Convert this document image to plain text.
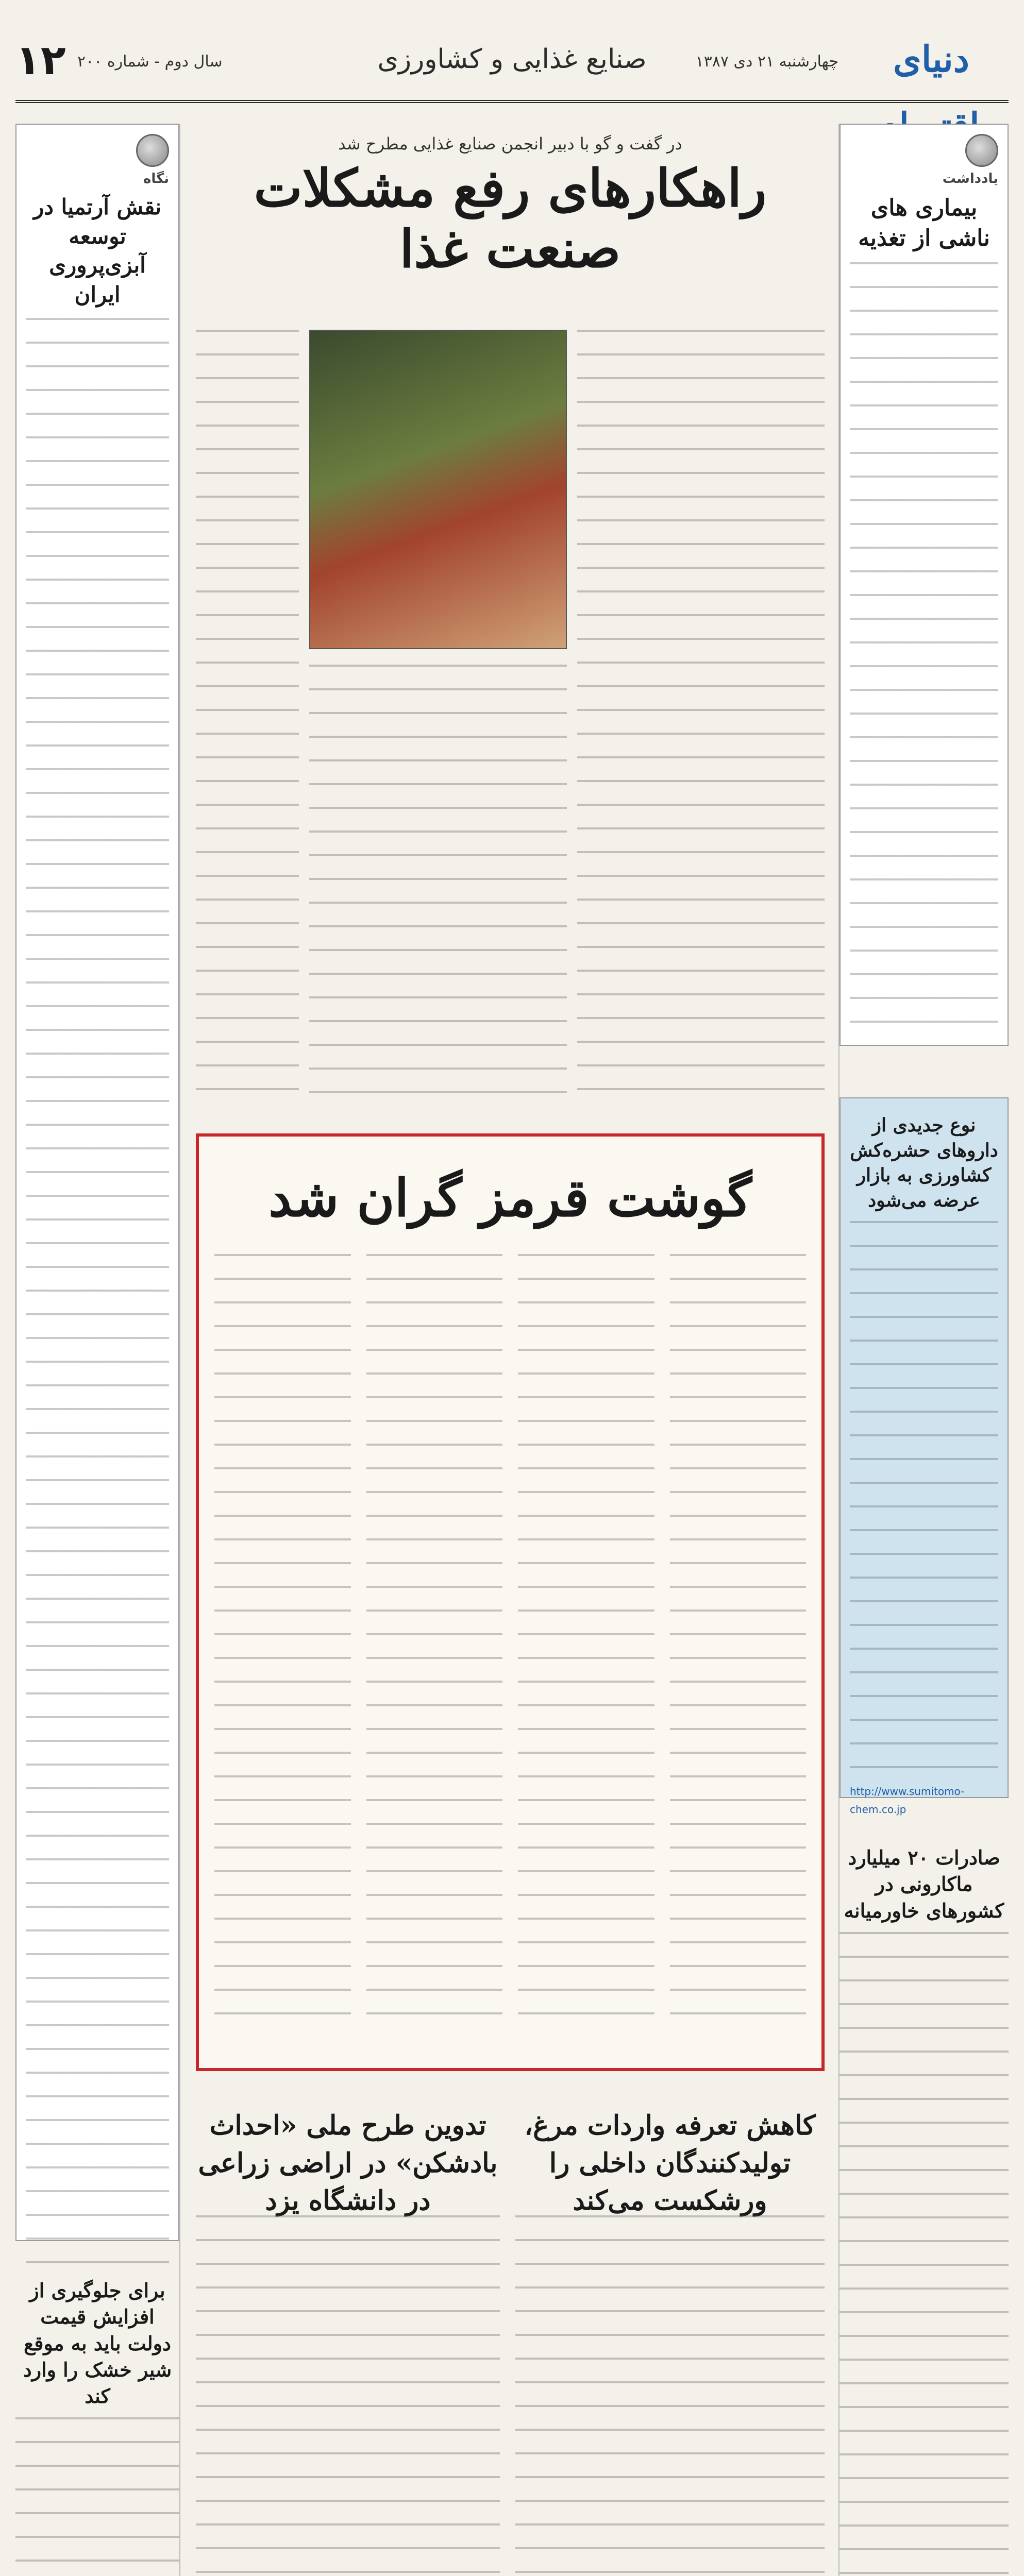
دنیای
چهارشنبه ۲۱ دی ۱۳۸۷
صنایع غذایی و کشاورزی
سال دوم - شماره ۲۰۰
۱۲
یادداشت
بیماری های ناشی از تغذیه
نوع جدیدی از داروهای حشره‌کش کشاورزی به بازار عرضه می‌شود
http://www.sumitomo-chem.co.jp
صادرات ۲۰ میلیارد ماکارونی در کشورهای خاورمیانه
نگاه
نقش آرتمیا در توسعه آبزی‌پروری ایران
برای جلوگیری از افزایش قیمت دولت باید به موقع شیر خشک را وارد کند
در گفت و گو با دبیر انجمن صنایع غذایی مطرح شد
راهکارهای رفع مشکلات صنعت غذا
گوشت قرمز گران شد
کاهش تعرفه واردات مرغ، تولیدکنندگان داخلی را ورشکست می‌کند
تدوین طرح ملی «احداث بادشکن» در اراضی زراعی در دانشگاه یزد
